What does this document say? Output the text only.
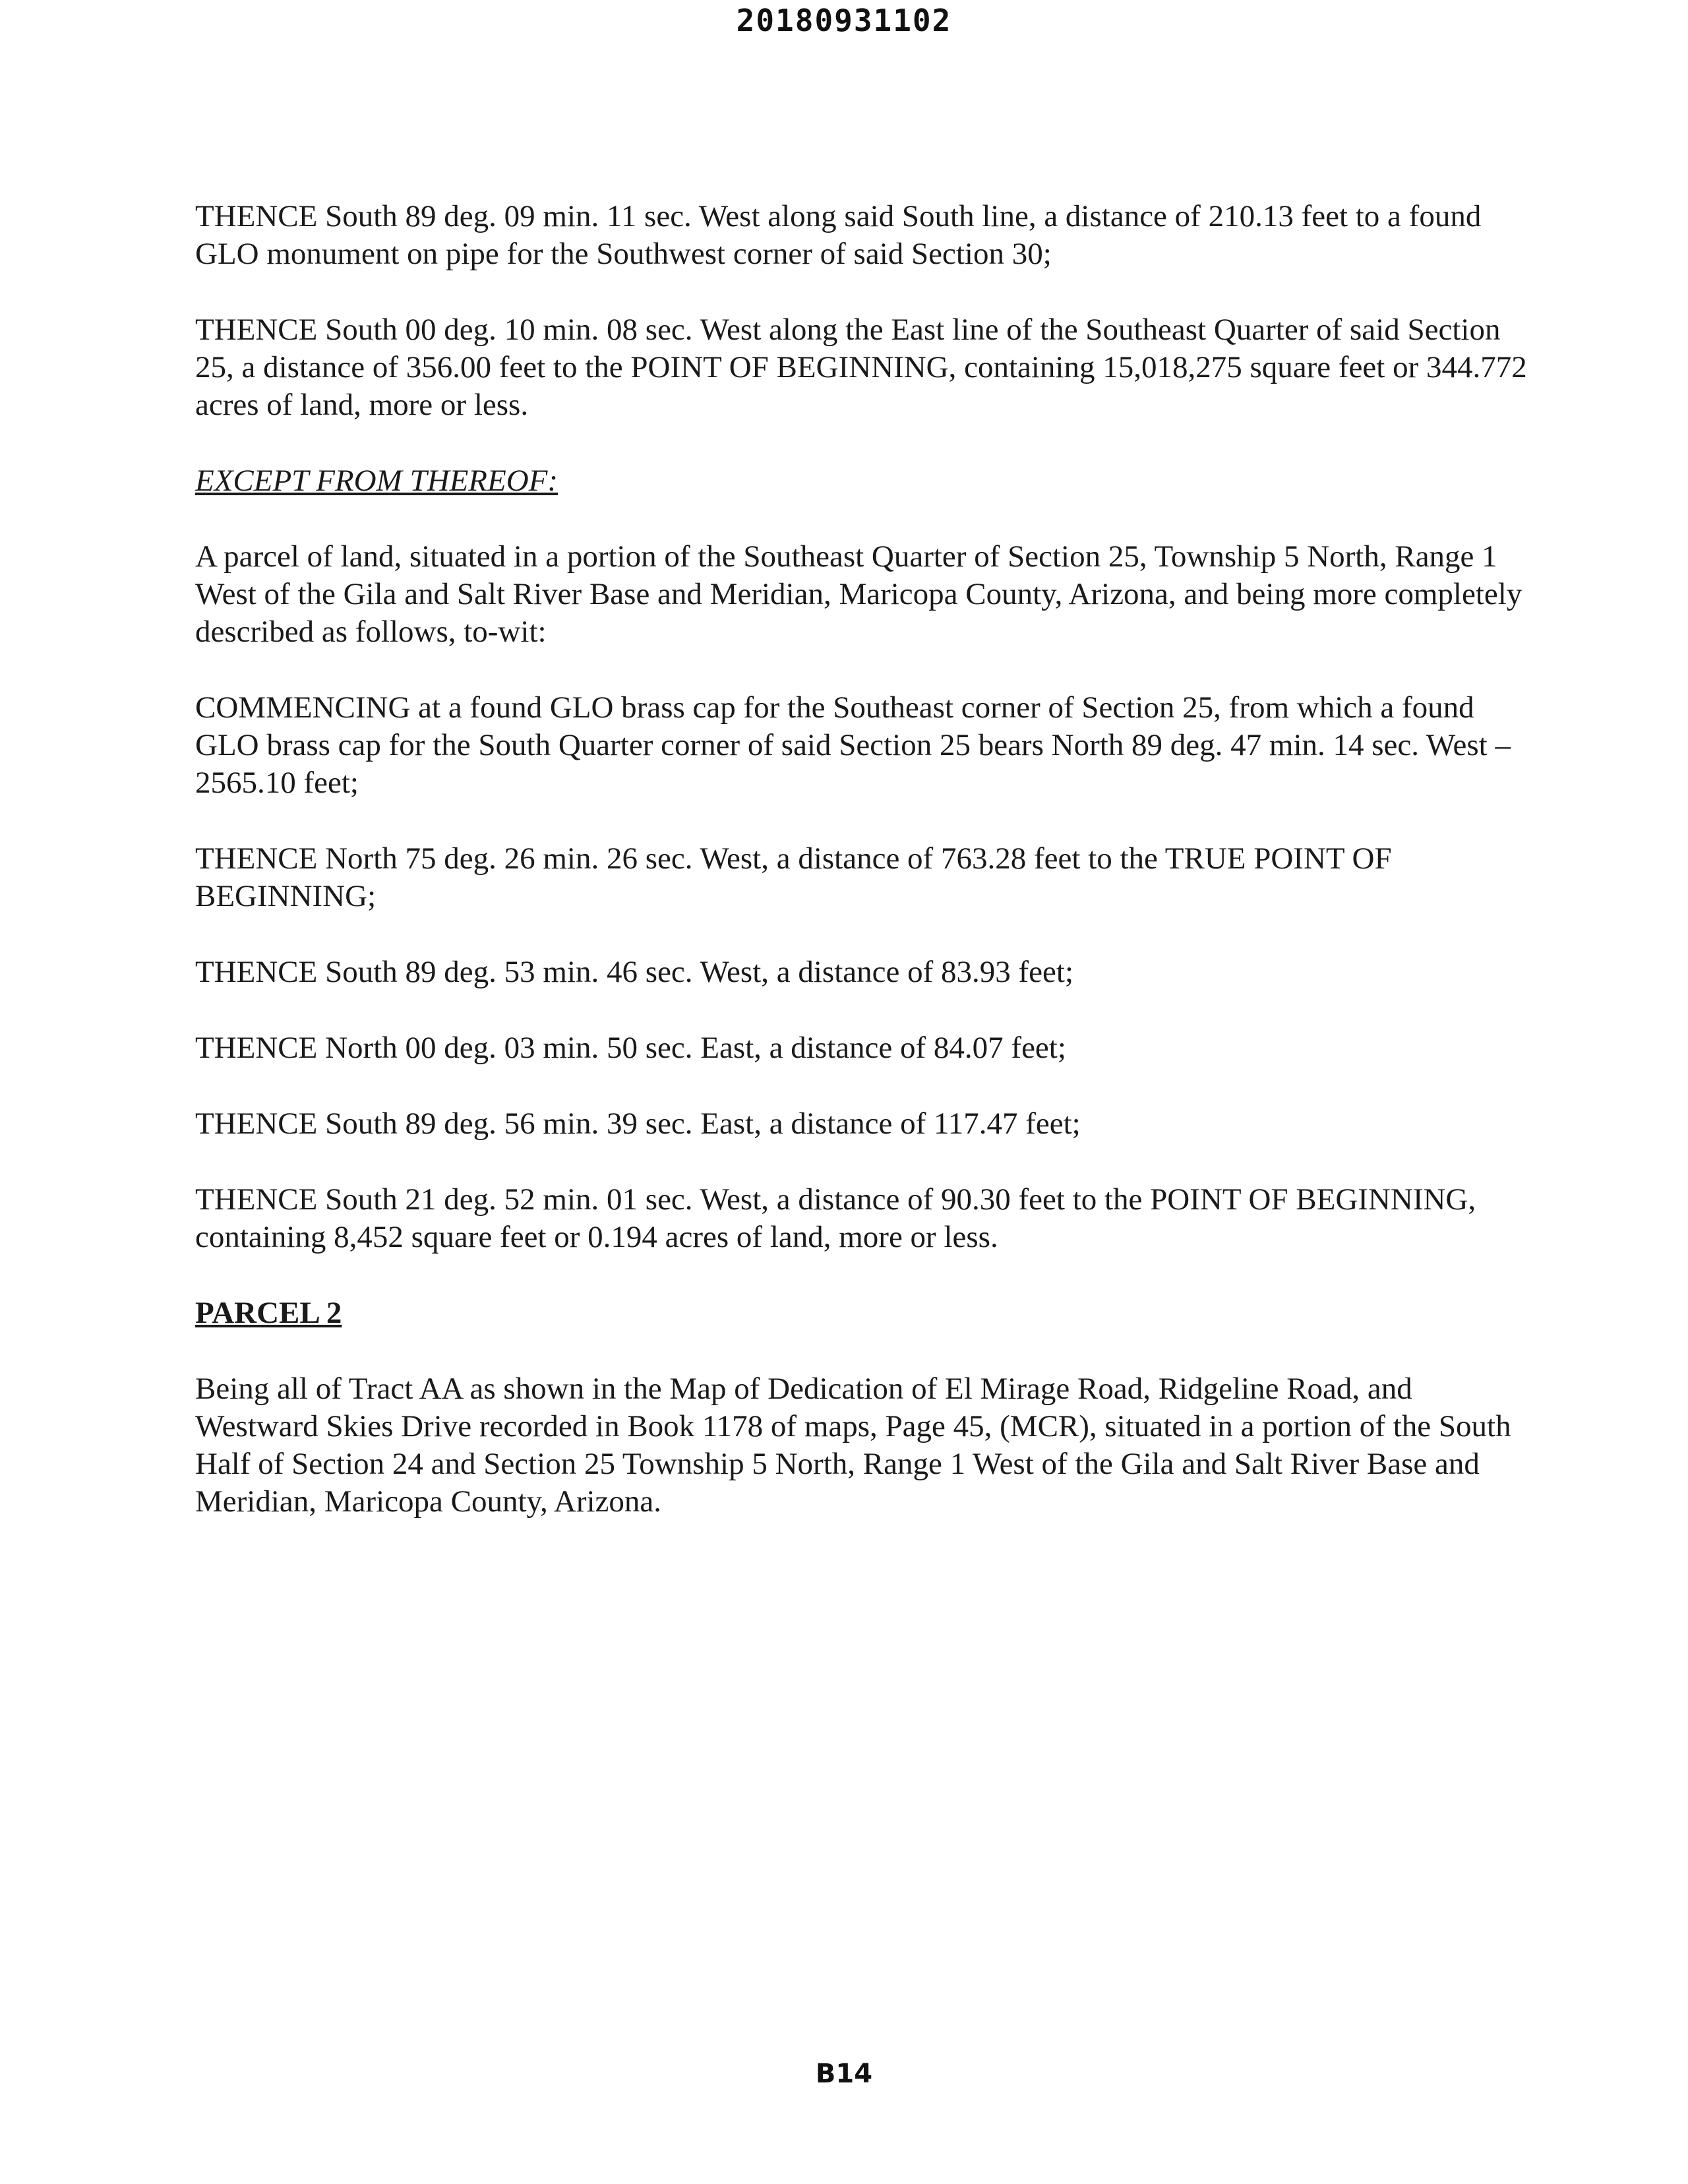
20180931102

THENCE South 89 deg. 09 min. 11 sec. West along said South line, a distance of 210.13 feet to a found GLO monument on pipe for the Southwest corner of said Section 30;

THENCE South 00 deg. 10 min. 08 sec. West along the East line of the Southeast Quarter of said Section 25, a distance of 356.00 feet to the POINT OF BEGINNING, containing 15,018,275 square feet or 344.772 acres of land, more or less.

EXCEPT FROM THEREOF:

A parcel of land, situated in a portion of the Southeast Quarter of Section 25, Township 5 North, Range 1 West of the Gila and Salt River Base and Meridian, Maricopa County, Arizona, and being more completely described as follows, to-wit:

COMMENCING at a found GLO brass cap for the Southeast corner of Section 25, from which a found GLO brass cap for the South Quarter corner of said Section 25 bears North 89 deg. 47 min. 14 sec. West – 2565.10 feet;

THENCE North 75 deg. 26 min. 26 sec. West, a distance of 763.28 feet to the TRUE POINT OF BEGINNING;

THENCE South 89 deg. 53 min. 46 sec. West, a distance of 83.93 feet;

THENCE North 00 deg. 03 min. 50 sec. East, a distance of 84.07 feet;

THENCE South 89 deg. 56 min. 39 sec. East, a distance of 117.47 feet;

THENCE South 21 deg. 52 min. 01 sec. West, a distance of 90.30 feet to the POINT OF BEGINNING, containing 8,452 square feet or 0.194 acres of land, more or less.

PARCEL 2

Being all of Tract AA as shown in the Map of Dedication of El Mirage Road, Ridgeline Road, and Westward Skies Drive recorded in Book 1178 of maps, Page 45, (MCR), situated in a portion of the South Half of Section 24 and Section 25 Township 5 North, Range 1 West of the Gila and Salt River Base and Meridian, Maricopa County, Arizona.

B14
